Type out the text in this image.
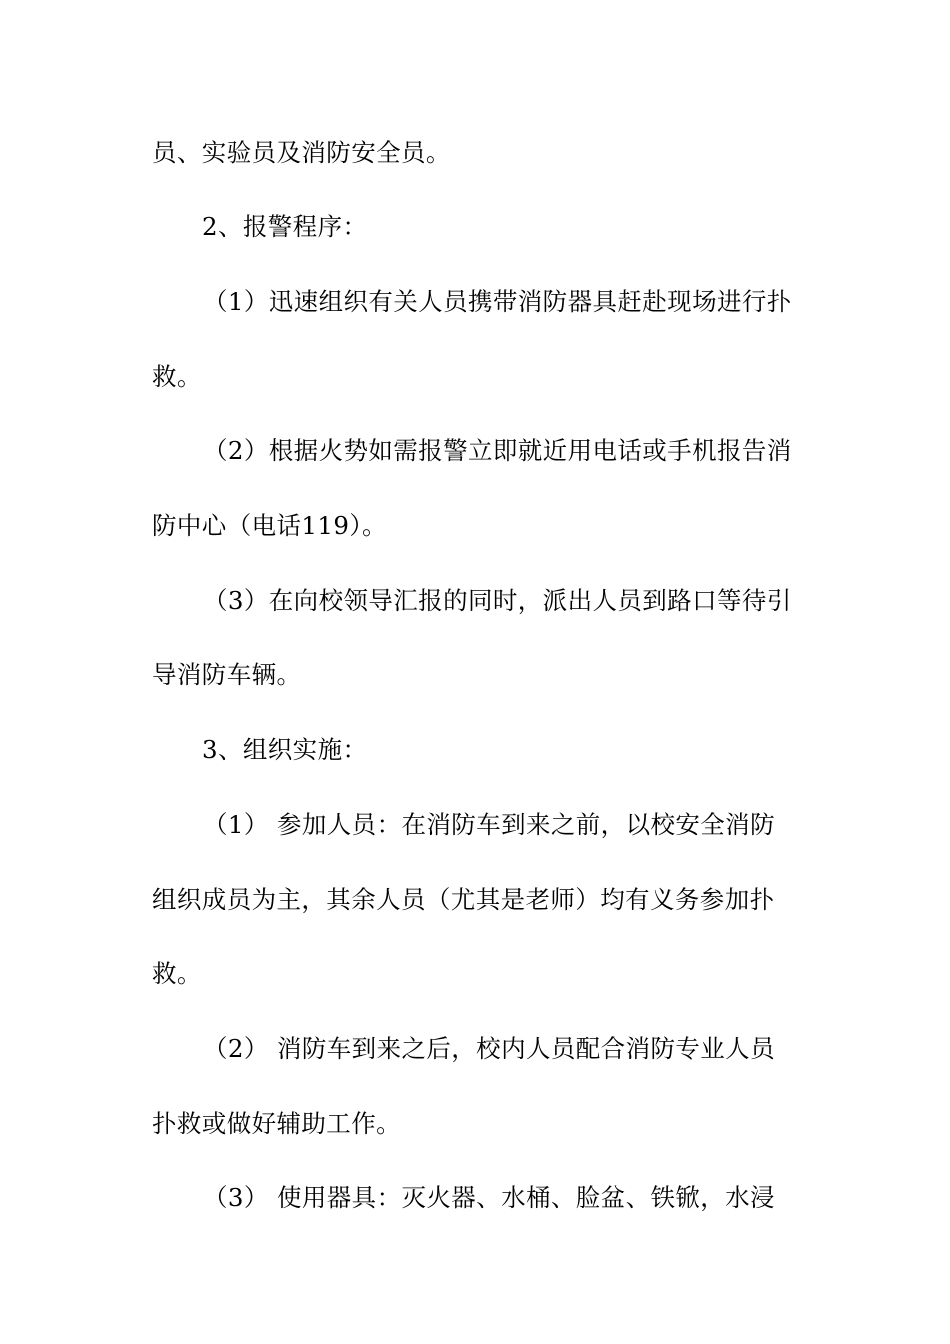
员、实验员及消防安全员。
2、报警程序：
（1）迅速组织有关人员携带消防器具赶赴现场进行扑
救。
（2）根据火势如需报警立即就近用电话或手机报告消
防中心（电话119）。
（3）在向校领导汇报的同时，派出人员到路口等待引
导消防车辆。
3、组织实施：
（1） 参加人员：在消防车到来之前，以校安全消防
组织成员为主，其余人员（尤其是老师）均有义务参加扑
救。
（2） 消防车到来之后，校内人员配合消防专业人员
扑救或做好辅助工作。
（3） 使用器具：灭火器、水桶、脸盆、铁锨，水浸
